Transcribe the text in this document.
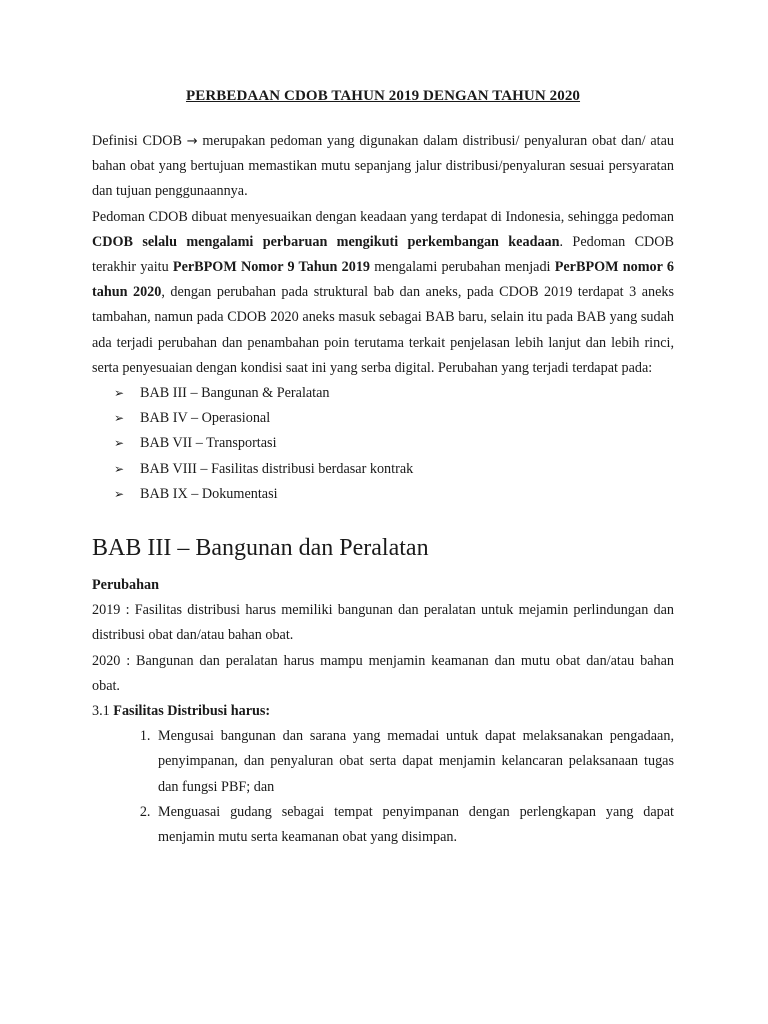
PERBEDAAN CDOB TAHUN 2019 DENGAN TAHUN 2020

Definisi CDOB → merupakan pedoman yang digunakan dalam distribusi/ penyaluran obat dan/ atau bahan obat yang bertujuan memastikan mutu sepanjang jalur distribusi/penyaluran sesuai persyaratan dan tujuan penggunaannya.

Pedoman CDOB dibuat menyesuaikan dengan keadaan yang terdapat di Indonesia, sehingga pedoman CDOB selalu mengalami perbaruan mengikuti perkembangan keadaan. Pedoman CDOB terakhir yaitu PerBPOM Nomor 9 Tahun 2019 mengalami perubahan menjadi PerBPOM nomor 6 tahun 2020, dengan perubahan pada struktural bab dan aneks, pada CDOB 2019 terdapat 3 aneks tambahan, namun pada CDOB 2020 aneks masuk sebagai BAB baru, selain itu pada BAB yang sudah ada terjadi perubahan dan penambahan poin terutama terkait penjelasan lebih lanjut dan lebih rinci, serta penyesuaian dengan kondisi saat ini yang serba digital. Perubahan yang terjadi terdapat pada:

➢ BAB III – Bangunan & Peralatan
➢ BAB IV – Operasional
➢ BAB VII – Transportasi
➢ BAB VIII – Fasilitas distribusi berdasar kontrak
➢ BAB IX – Dokumentasi
BAB III – Bangunan dan Peralatan

Perubahan

2019 : Fasilitas distribusi harus memiliki bangunan dan peralatan untuk mejamin perlindungan dan distribusi obat dan/atau bahan obat.

2020 : Bangunan dan peralatan harus mampu menjamin keamanan dan mutu obat dan/atau bahan obat.

3.1 Fasilitas Distribusi harus:

1. Mengusai bangunan dan sarana yang memadai untuk dapat melaksanakan pengadaan, penyimpanan, dan penyaluran obat serta dapat menjamin kelancaran pelaksanaan tugas dan fungsi PBF; dan
2. Menguasai gudang sebagai tempat penyimpanan dengan perlengkapan yang dapat menjamin mutu serta keamanan obat yang disimpan.
